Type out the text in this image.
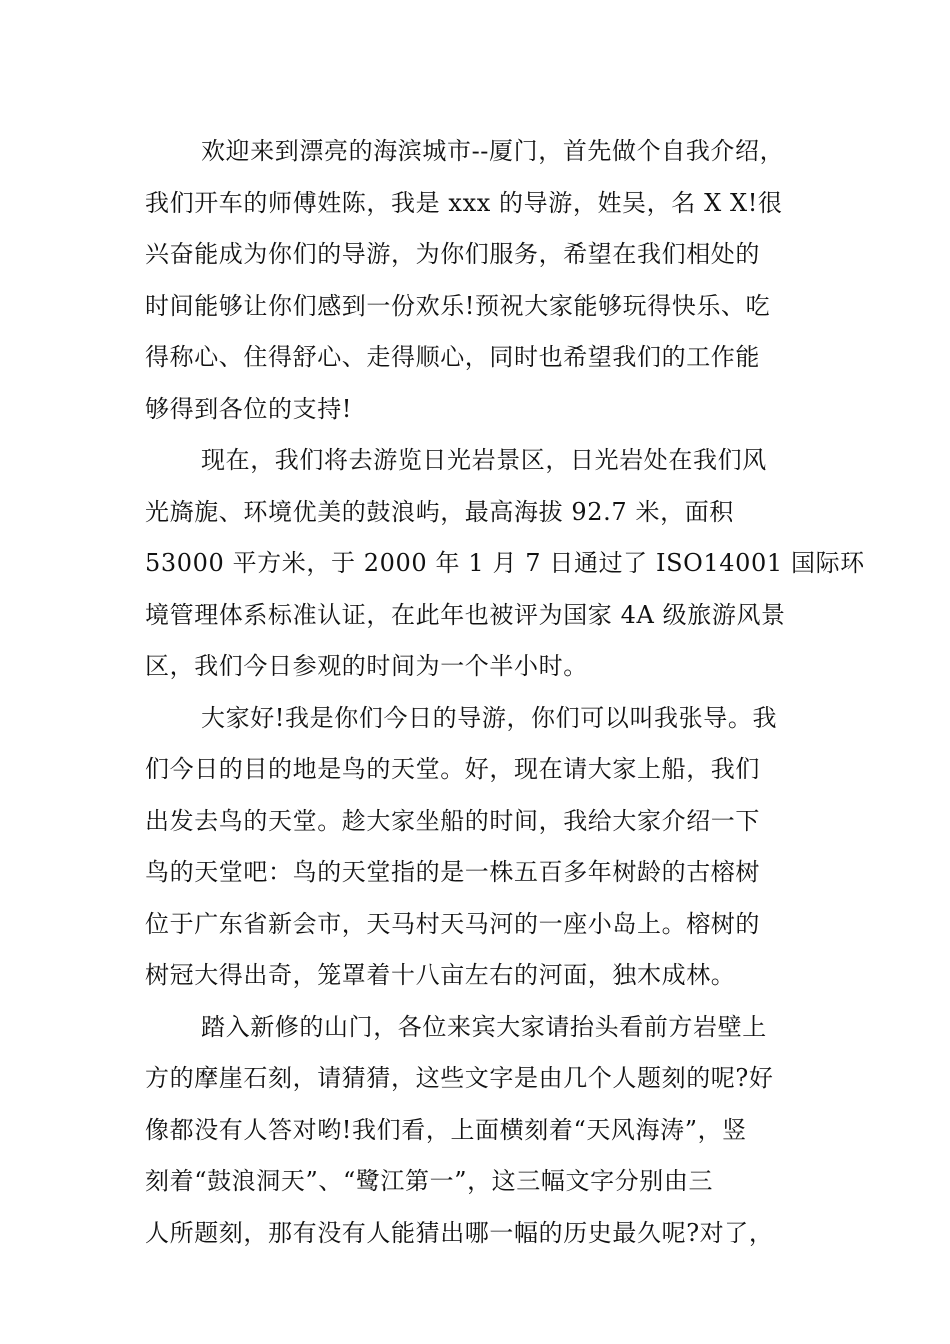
欢迎来到漂亮的海滨城市--厦门，首先做个自我介绍，
我们开车的师傅姓陈，我是 xxx 的导游，姓吴，名 X X!很
兴奋能成为你们的导游，为你们服务，希望在我们相处的
时间能够让你们感到一份欢乐!预祝大家能够玩得快乐、吃
得称心、住得舒心、走得顺心，同时也希望我们的工作能
够得到各位的支持!
现在，我们将去游览日光岩景区，日光岩处在我们风
光旖旎、环境优美的鼓浪屿，最高海拔 92.7 米，面积
53000 平方米，于 2000 年 1 月 7 日通过了 ISO14001 国际环
境管理体系标准认证，在此年也被评为国家 4A 级旅游风景
区，我们今日参观的时间为一个半小时。
大家好!我是你们今日的导游，你们可以叫我张导。我
们今日的目的地是鸟的天堂。好，现在请大家上船，我们
出发去鸟的天堂。趁大家坐船的时间，我给大家介绍一下
鸟的天堂吧：鸟的天堂指的是一株五百多年树龄的古榕树
位于广东省新会市，天马村天马河的一座小岛上。榕树的
树冠大得出奇，笼罩着十八亩左右的河面，独木成林。
踏入新修的山门，各位来宾大家请抬头看前方岩壁上
方的摩崖石刻，请猜猜，这些文字是由几个人题刻的呢?好
像都没有人答对哟!我们看，上面横刻着“天风海涛”，竖
刻着“鼓浪洞天”、“鹭江第一”，这三幅文字分别由三
人所题刻，那有没有人能猜出哪一幅的历史最久呢?对了，
